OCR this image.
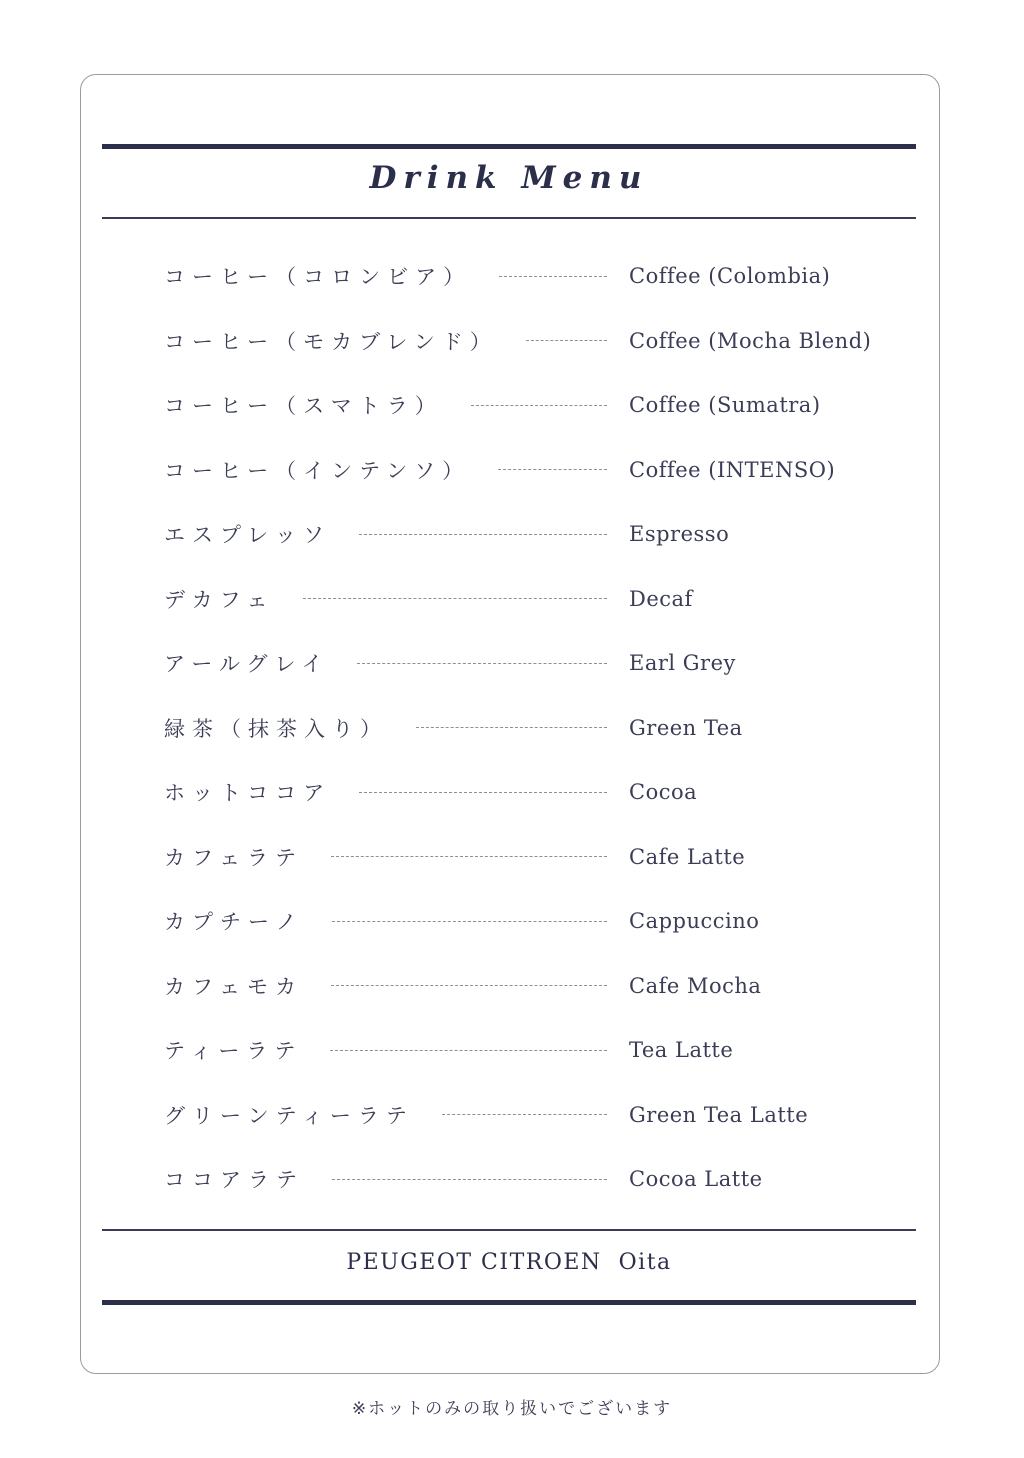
Drink Menu
コーヒー（コロンビア）	Coffee (Colombia)
コーヒー（モカブレンド）	Coffee (Mocha Blend)
コーヒー（スマトラ）	Coffee (Sumatra)
コーヒー（インテンソ）	Coffee (INTENSO)
エスプレッソ	Espresso
デカフェ	Decaf
アールグレイ	Earl Grey
緑茶（抹茶入り）	Green Tea
ホットココア	Cocoa
カフェラテ	Cafe Latte
カプチーノ	Cappuccino
カフェモカ	Cafe Mocha
ティーラテ	Tea Latte
グリーンティーラテ	Green Tea Latte
ココアラテ	Cocoa Latte
PEUGEOT CITROEN  Oita
※ホットのみの取り扱いでございます
